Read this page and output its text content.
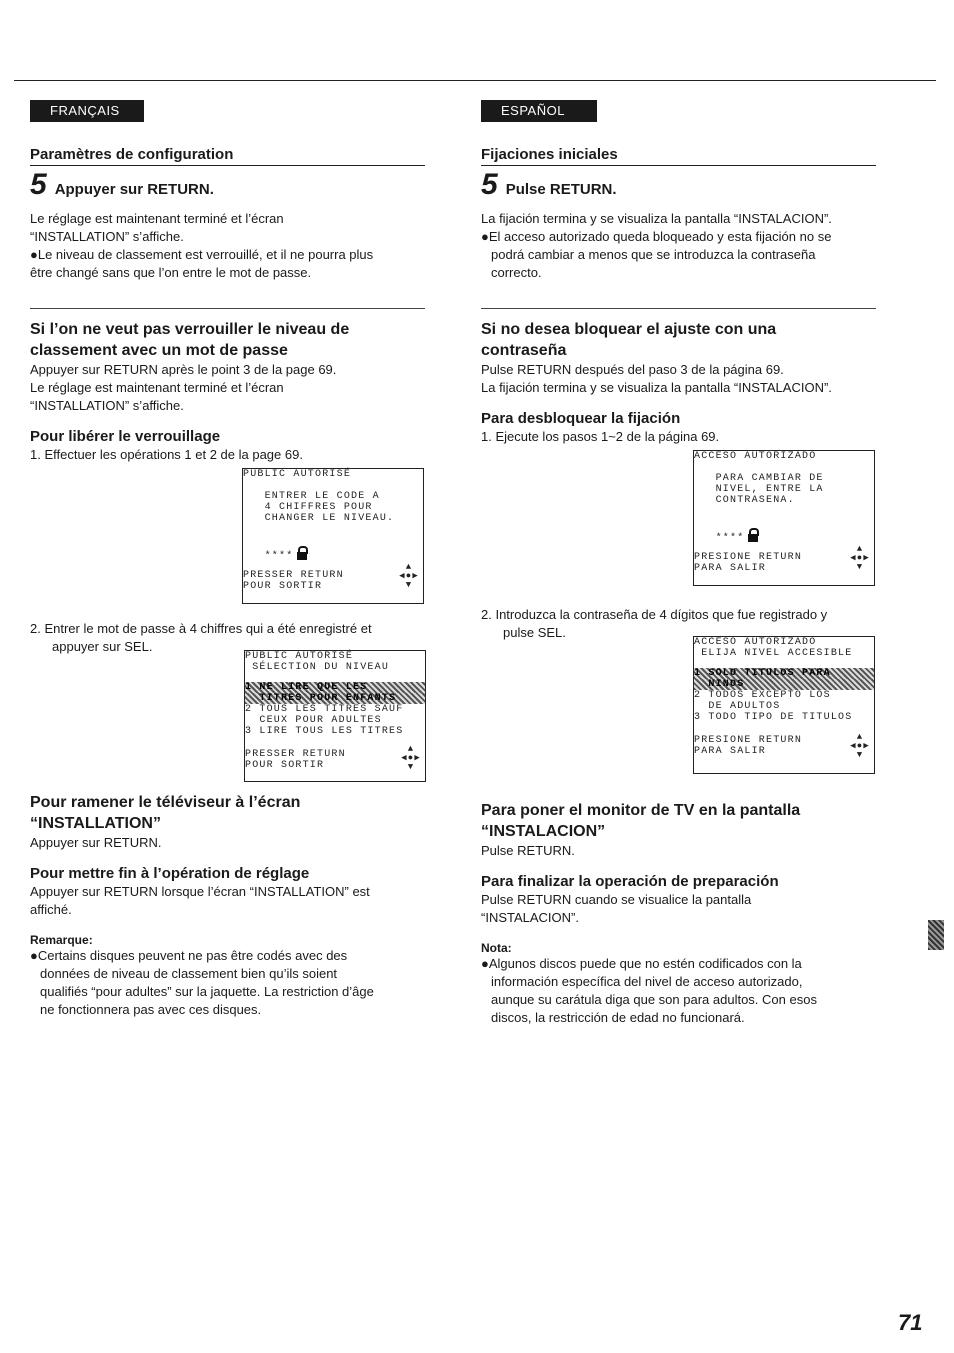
FRANÇAIS
Paramètres de configuration
5 Appuyer sur RETURN.

Le réglage est maintenant terminé et l’écran

“INSTALLATION” s’affiche.

●Le niveau de classement est verrouillé, et il ne pourra plus

être changé sans que l’on entre le mot de passe.

Si l’on ne veut pas verrouiller le niveau de

classement avec un mot de passe

Appuyer sur RETURN après le point 3 de la page 69.

Le réglage est maintenant terminé et l’écran

“INSTALLATION” s’affiche.

Pour libérer le verrouillage

1. Effectuer les opérations 1 et 2 de la page 69.

PUBLIC AUTORISÉ
ENTRER LE CODE A
4 CHIFFRES POUR
CHANGER LE NIVEAU.
****
PRESSER RETURN
POUR SORTIR
▲
◀●▶
▼

2. Entrer le mot de passe à 4 chiffres qui a été enregistré et

appuyer sur SEL.

PUBLIC AUTORISÉ
SÉLECTION DU NIVEAU
1 NE LIRE QUE LES
TITRES POUR ENFANTS
2 TOUS LES TITRES SAUF
CEUX POUR ADULTES
3 LIRE TOUS LES TITRES
PRESSER RETURN
POUR SORTIR
▲
◀●▶
▼

Pour ramener le téléviseur à l’écran

“INSTALLATION”

Appuyer sur RETURN.

Pour mettre fin à l’opération de réglage

Appuyer sur RETURN lorsque l’écran “INSTALLATION” est

affiché.

Remarque:

●Certains disques peuvent ne pas être codés avec des

données de niveau de classement bien qu’ils soient

qualifiés “pour adultes” sur la jaquette. La restriction d’âge

ne fonctionnera pas avec ces disques.

ESPAÑOL
Fijaciones iniciales
5 Pulse RETURN.

La fijación termina y se visualiza la pantalla “INSTALACION”.

●El acceso autorizado queda bloqueado y esta fijación no se

podrá cambiar a menos que se introduzca la contraseña

correcto.

Si no desea bloquear el ajuste con una

contraseña

Pulse RETURN después del paso 3 de la página 69.

La fijación termina y se visualiza la pantalla “INSTALACION”.

Para desbloquear la fijación

1. Ejecute los pasos 1~2 de la página 69.

ACCESO AUTORIZADO
PARA CAMBIAR DE
NIVEL, ENTRE LA
CONTRASENA.
****
PRESIONE RETURN
PARA SALIR
▲
◀●▶
▼

2. Introduzca la contraseña de 4 dígitos que fue registrado y

pulse SEL.

ACCESO AUTORIZADO
ELIJA NIVEL ACCESIBLE
1 SOLO TITULOS PARA
NINOS
2 TODOS EXCEPTO LOS
DE ADULTOS
3 TODO TIPO DE TITULOS
PRESIONE RETURN
PARA SALIR
▲
◀●▶
▼

Para poner el monitor de TV en la pantalla

“INSTALACION”

Pulse RETURN.

Para finalizar la operación de preparación

Pulse RETURN cuando se visualice la pantalla

“INSTALACION”.

Nota:

●Algunos discos puede que no estén codificados con la

información específica del nivel de acceso autorizado,

aunque su carátula diga que son para adultos. Con esos

discos, la restricción de edad no funcionará.

71
